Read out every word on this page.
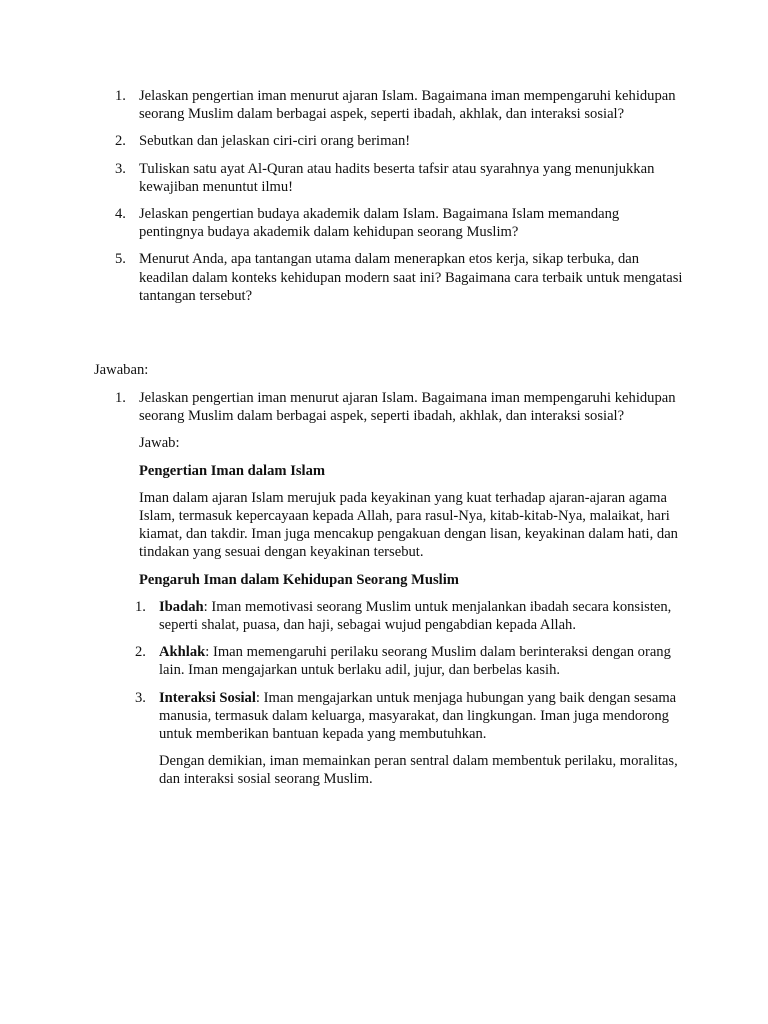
1. Jelaskan pengertian iman menurut ajaran Islam. Bagaimana iman mempengaruhi kehidupan seorang Muslim dalam berbagai aspek, seperti ibadah, akhlak, dan interaksi sosial?
2. Sebutkan dan jelaskan ciri-ciri orang beriman!
3. Tuliskan satu ayat Al-Quran atau hadits beserta tafsir atau syarahnya yang menunjukkan kewajiban menuntut ilmu!
4. Jelaskan pengertian budaya akademik dalam Islam. Bagaimana Islam memandang pentingnya budaya akademik dalam kehidupan seorang Muslim?
5. Menurut Anda, apa tantangan utama dalam menerapkan etos kerja, sikap terbuka, dan keadilan dalam konteks kehidupan modern saat ini? Bagaimana cara terbaik untuk mengatasi tantangan tersebut?
Jawaban:
1. Jelaskan pengertian iman menurut ajaran Islam. Bagaimana iman mempengaruhi kehidupan seorang Muslim dalam berbagai aspek, seperti ibadah, akhlak, dan interaksi sosial?
Jawab:
Pengertian Iman dalam Islam
Iman dalam ajaran Islam merujuk pada keyakinan yang kuat terhadap ajaran-ajaran agama Islam, termasuk kepercayaan kepada Allah, para rasul-Nya, kitab-kitab-Nya, malaikat, hari kiamat, dan takdir. Iman juga mencakup pengakuan dengan lisan, keyakinan dalam hati, dan tindakan yang sesuai dengan keyakinan tersebut.
Pengaruh Iman dalam Kehidupan Seorang Muslim
1. Ibadah: Iman memotivasi seorang Muslim untuk menjalankan ibadah secara konsisten, seperti shalat, puasa, dan haji, sebagai wujud pengabdian kepada Allah.
2. Akhlak: Iman memengaruhi perilaku seorang Muslim dalam berinteraksi dengan orang lain. Iman mengajarkan untuk berlaku adil, jujur, dan berbelas kasih.
3. Interaksi Sosial: Iman mengajarkan untuk menjaga hubungan yang baik dengan sesama manusia, termasuk dalam keluarga, masyarakat, dan lingkungan. Iman juga mendorong untuk memberikan bantuan kepada yang membutuhkan.
Dengan demikian, iman memainkan peran sentral dalam membentuk perilaku, moralitas, dan interaksi sosial seorang Muslim.
